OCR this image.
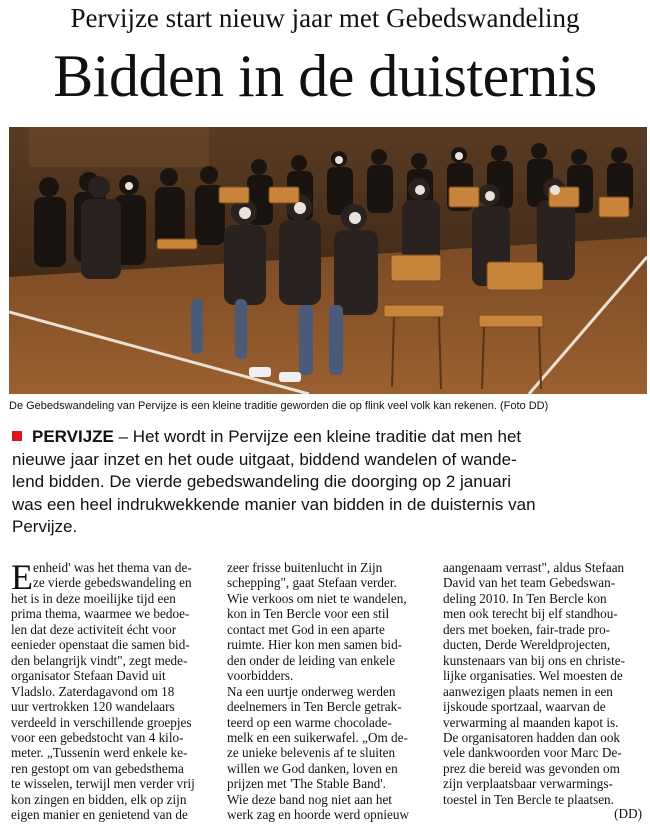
Pervijze start nieuw jaar met Gebedswandeling
Bidden in de duisternis
De Gebedswandeling van Pervijze is een kleine traditie geworden die op flink veel volk kan rekenen. (Foto DD)
PERVIJZE – Het wordt in Pervijze een kleine traditie dat men het
nieuwe jaar inzet en het oude uitgaat, biddend wandelen of wande-
lend bidden. De vierde gebedswandeling die doorging op 2 januari
was een heel indrukwekkende manier van bidden in de duisternis van
Pervijze.
E enheid' was het thema van de-
ze vierde gebedswandeling en
het is in deze moeilijke tijd een
prima thema, waarmee we bedoe-
len dat deze activiteit écht voor
eenieder openstaat die samen bid-
den belangrijk vindt", zegt mede-
organisator Stefaan David uit
Vladslo. Zaterdagavond om 18
uur vertrokken 120 wandelaars
verdeeld in verschillende groepjes
voor een gebedstocht van 4 kilo-
meter. „Tussenin werd enkele ke-
ren gestopt om van gebedsthema
te wisselen, terwijl men verder vrij
kon zingen en bidden, elk op zijn
eigen manier en genietend van de
zeer frisse buitenlucht in Zijn
schepping", gaat Stefaan verder.
Wie verkoos om niet te wandelen,
kon in Ten Bercle voor een stil
contact met God in een aparte
ruimte. Hier kon men samen bid-
den onder de leiding van enkele
voorbidders.
Na een uurtje onderweg werden
deelnemers in Ten Bercle getrak-
teerd op een warme chocolade-
melk en een suikerwafel. „Om de-
ze unieke belevenis af te sluiten
willen we God danken, loven en
prijzen met 'The Stable Band'.
Wie deze band nog niet aan het
werk zag en hoorde werd opnieuw
aangenaam verrast", aldus Stefaan
David van het team Gebedswan-
deling 2010. In Ten Bercle kon
men ook terecht bij elf standhou-
ders met boeken, fair-trade pro-
ducten, Derde Wereldprojecten,
kunstenaars van bij ons en christe-
lijke organisaties. Wel moesten de
aanwezigen plaats nemen in een
ijskoude sportzaal, waarvan de
verwarming al maanden kapot is.
De organisatoren hadden dan ook
vele dankwoorden voor Marc De-
prez die bereid was gevonden om
zijn verplaatsbaar verwarmings-
toestel in Ten Bercle te plaatsen.
(DD)
